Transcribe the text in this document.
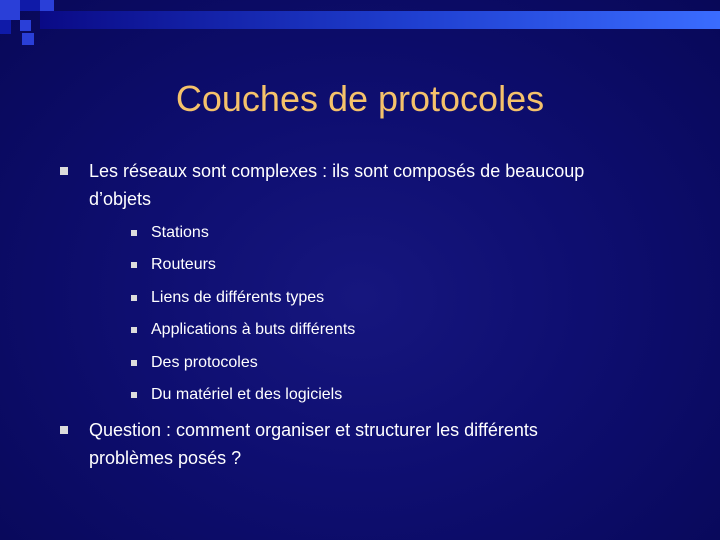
Couches de protocoles
Les réseaux sont complexes : ils sont composés de beaucoup
d’objets
Stations
Routeurs
Liens de différents types
Applications à buts différents
Des protocoles
Du matériel et des logiciels
Question : comment organiser et structurer les différents
problèmes posés ?
